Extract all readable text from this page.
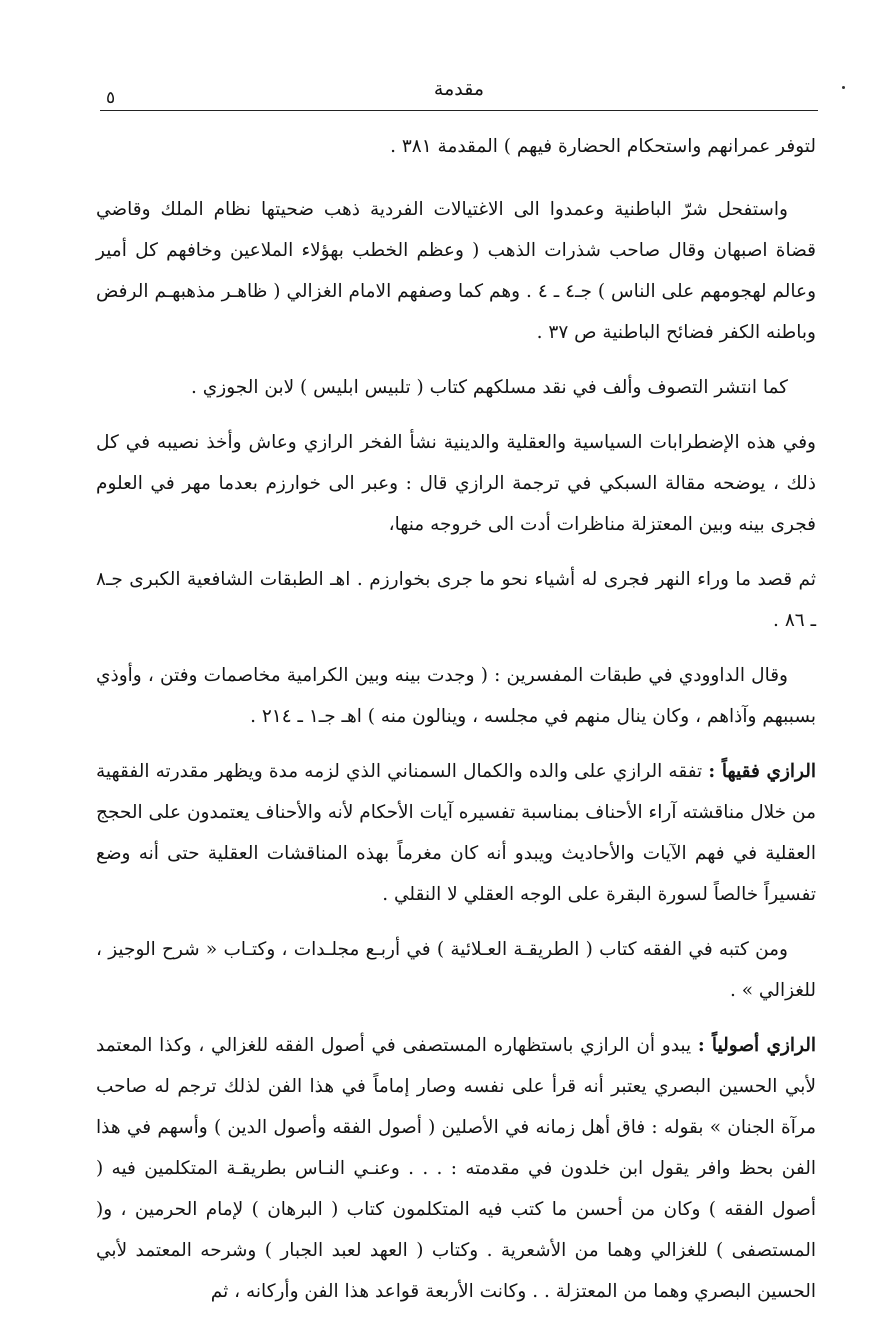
مقدمة
٥

لتوفر عمرانهم واستحكام الحضارة فيهم ) المقدمة ٣٨١ .

واستفحل شرّ الباطنية وعمدوا الى الاغتيالات الفردية ذهب ضحيتها نظام الملك وقاضي قضاة اصبهان وقال صاحب شذرات الذهب ( وعظم الخطب بهؤلاء الملاعين وخافهم كل أمير وعالم لهجومهم على الناس ) جـ٤ ـ ٤ . وهم كما وصفهم الامام الغزالي ( ظاهـر مذهبهـم الرفض وباطنه الكفر فضائح الباطنية ص ٣٧ .

كما انتشر التصوف وألف في نقد مسلكهم كتاب ( تلبيس ابليس ) لابن الجوزي .

وفي هذه الإضطرابات السياسية والعقلية والدينية نشأ الفخر الرازي وعاش وأخذ نصيبه في كل ذلك ، يوضحه مقالة السبكي في ترجمة الرازي قال : وعبر الى خوارزم بعدما مهر في العلوم فجرى بينه وبين المعتزلة مناظرات أدت الى خروجه منها،

ثم قصد ما وراء النهر فجرى له أشياء نحو ما جرى بخوارزم . اهـ الطبقات الشافعية الكبرى جـ٨ ـ ٨٦ .

وقال الداوودي في طبقات المفسرين : ( وجدت بينه وبين الكرامية مخاصمات وفتن ، وأوذي بسببهم وآذاهم ، وكان ينال منهم في مجلسه ، وينالون منه ) اهـ جـ١ ـ ٢١٤ .

الرازي فقيهاً : تفقه الرازي على والده والكمال السمناني الذي لزمه مدة ويظهر مقدرته الفقهية من خلال مناقشته آراء الأحناف بمناسبة تفسيره آيات الأحكام لأنه والأحناف يعتمدون على الحجج العقلية في فهم الآيات والأحاديث ويبدو أنه كان مغرماً بهذه المناقشات العقلية حتى أنه وضع تفسيراً خالصاً لسورة البقرة على الوجه العقلي لا النقلي .

ومن كتبه في الفقه كتاب ( الطريقـة العـلائية ) في أربـع مجلـدات ، وكتـاب « شرح الوجيز ، للغزالي » .

الرازي أصولياً : يبدو أن الرازي باستظهاره المستصفى في أصول الفقه للغزالي ، وكذا المعتمد لأبي الحسين البصري يعتبر أنه قرأ على نفسه وصار إماماً في هذا الفن لذلك ترجم له صاحب مرآة الجنان » بقوله : فاق أهل زمانه في الأصلين ( أصول الفقه وأصول الدين ) وأسهم في هذا الفن بحظ وافر يقول ابن خلدون في مقدمته : . . . وعنـي النـاس بطريقـة المتكلمين فيه ( أصول الفقه ) وكان من أحسن ما كتب فيه المتكلمون كتاب ( البرهان ) لإمام الحرمين ، و( المستصفى ) للغزالي وهما من الأشعرية . وكتاب ( العهد لعبد الجبار ) وشرحه المعتمد لأبي الحسين البصري وهما من المعتزلة . . وكانت الأربعة قواعد هذا الفن وأركانه ، ثم
